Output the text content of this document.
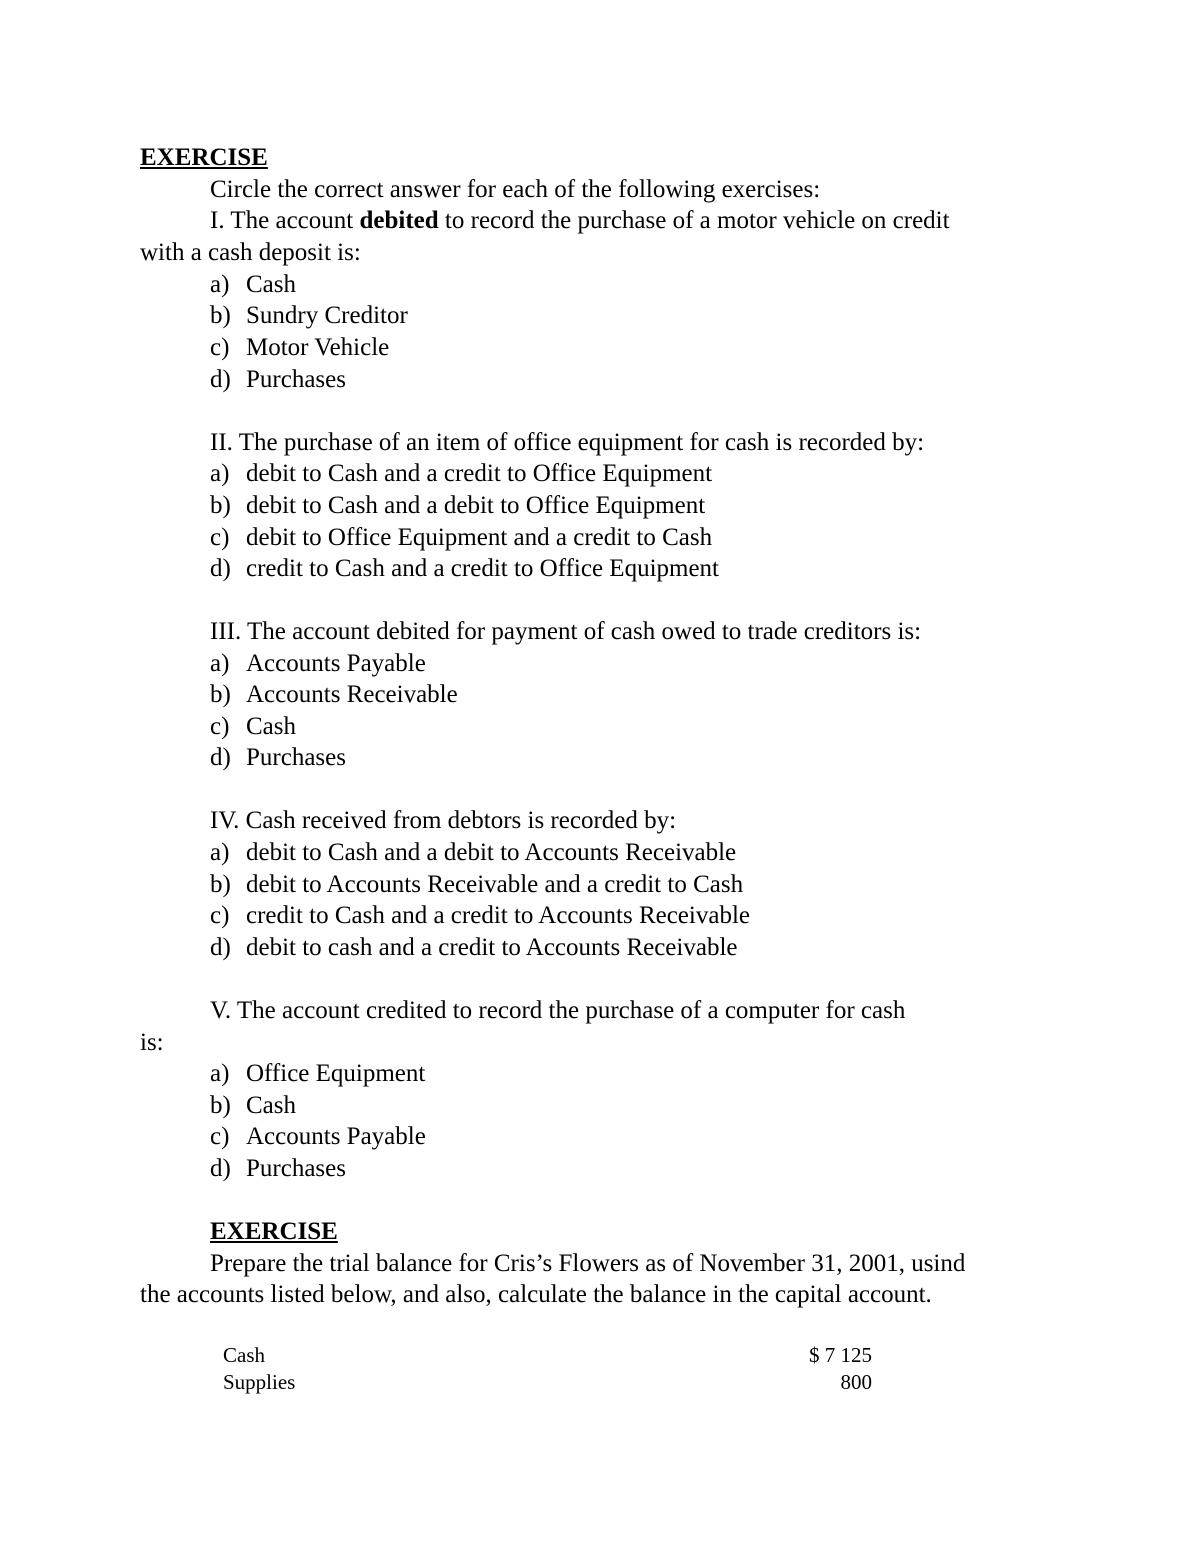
EXERCISE
Circle the correct answer for each of the following exercises:
I. The account debited to record the purchase of a motor vehicle on credit
with a cash deposit is:
a) Cash
b) Sundry Creditor
c) Motor Vehicle
d) Purchases
II. The purchase of an item of office equipment for cash is recorded by:
a) debit to Cash and a credit to Office Equipment
b) debit to Cash and a debit to Office Equipment
c) debit to Office Equipment and a credit to Cash
d) credit to Cash and a credit to Office Equipment
III. The account debited for payment of cash owed to trade creditors is:
a) Accounts Payable
b) Accounts Receivable
c) Cash
d) Purchases
IV. Cash received from debtors is recorded by:
a) debit to Cash and a debit to Accounts Receivable
b) debit to Accounts Receivable and a credit to Cash
c) credit to Cash and a credit to Accounts Receivable
d) debit to cash and a credit to Accounts Receivable
V. The account credited to record the purchase of a computer for cash
is:
a) Office Equipment
b) Cash
c) Accounts Payable
d) Purchases
EXERCISE
Prepare the trial balance for Cris’s Flowers as of November 31, 2001, usind
the accounts listed below, and also, calculate the balance in the capital account.
Cash	$ 7 125
Supplies	800
